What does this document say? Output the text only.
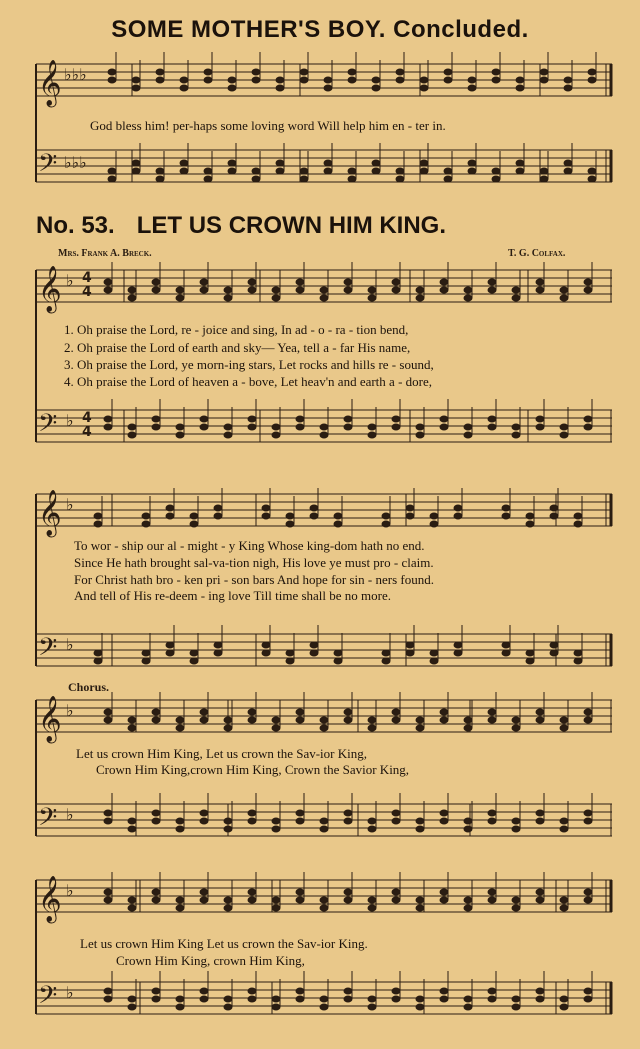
SOME MOTHER'S BOY. Concluded.
No. 53. LET US CROWN HIM KING.
Mrs. Frank A. Breck.	T. G. Colfax.
𝄞
𝄢
♭♭♭
♭♭♭
𝄞 ♭ 4
4
𝄢 ♭ 4
4
𝄞 ♭
𝄢 ♭
𝄞 ♭
𝄢 ♭
𝄞 ♭
𝄢 ♭
God bless him! per-haps some loving word Will help him en - ter in.
1. Oh praise the Lord, re - joice and sing, In ad - o - ra - tion bend,
2. Oh praise the Lord of earth and sky— Yea, tell a - far His name,
3. Oh praise the Lord, ye morn-ing stars, Let rocks and hills re - sound,
4. Oh praise the Lord of heaven a - bove, Let heav'n and earth a - dore,
To wor - ship our al - might - y King Whose king-dom hath no end.
Since He hath brought sal-va-tion nigh, His love ye must pro - claim.
For Christ hath bro - ken pri - son bars And hope for sin - ners found.
And tell of His re-deem - ing love Till time shall be no more.
Chorus.
Let us crown Him King, Let us crown the Sav-ior King,
Crown Him King,crown Him King, Crown the Savior King,
Let us crown Him King Let us crown the Sav-ior King.
Crown Him King, crown Him King,
